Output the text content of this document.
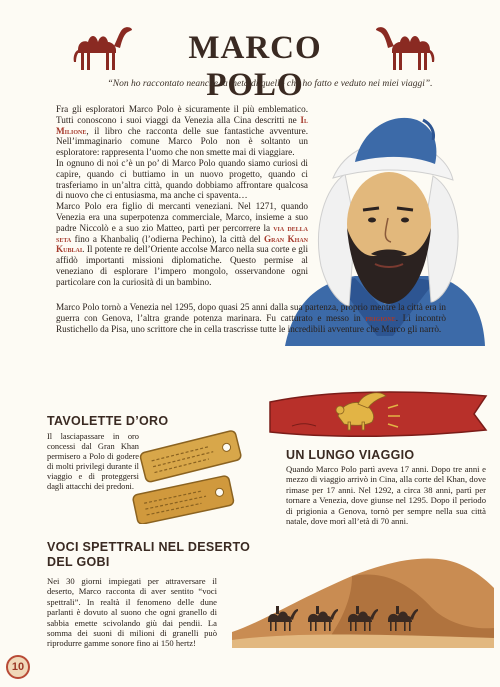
MARCO POLO
“Non ho raccontato neanche la metà di quello che ho fatto e veduto nei miei viaggi”.

Fra gli esploratori Marco Polo è sicuramente il più emblematico. Tutti conoscono i suoi viaggi da Venezia alla Cina descritti ne Il Milione, il libro che racconta delle sue fantastiche avventure. Nell’immaginario comune Marco Polo non è soltanto un esploratore: rappresenta l’uomo che non smette mai di viaggiare.

In ognuno di noi c’è un po’ di Marco Polo quando siamo curiosi di capire, quando ci buttiamo in un nuovo progetto, quando ci trasferiamo in un’altra città, quando dobbiamo affrontare qualcosa di nuovo che ci entusiasma, ma anche ci spaventa…

Marco Polo era figlio di mercanti veneziani. Nel 1271, quando Venezia era una superpotenza commerciale, Marco, insieme a suo padre Niccolò e a suo zio Matteo, partì per percorrere la via della seta fino a Khanbaliq (l’odierna Pechino), la città del Gran Khan Kublai. Il potente re dell’Oriente accolse Marco nella sua corte e gli affidò importanti missioni diplomatiche. Questo permise al veneziano di esplorare l’impero mongolo, osservandone ogni particolare con la curiosità di un bambino.

Marco Polo tornò a Venezia nel 1295, dopo quasi 25 anni dalla sua partenza, proprio mentre la città era in guerra con Genova, l’altra grande potenza marinara. Fu catturato e messo in prigione. Lì incontrò Rustichello da Pisa, uno scrittore che in cella trascrisse tutte le incredibili avventure che Marco gli narrò.

TAVOLETTE D’ORO
Il lasciapassare in oro concessi dal Gran Khan permisero a Polo di godere di molti privilegi durante il viaggio e di proteggersi dagli attacchi dei predoni.
UN LUNGO VIAGGIO
Quando Marco Polo partì aveva 17 anni. Dopo tre anni e mezzo di viaggio arrivò in Cina, alla corte del Khan, dove rimase per 17 anni. Nel 1292, a circa 38 anni, partì per tornare a Venezia, dove giunse nel 1295. Dopo il periodo di prigionia a Genova, tornò per sempre nella sua città natale, dove morì all’età di 70 anni.
VOCI SPETTRALI NEL DESERTO DEL GOBI
Nei 30 giorni impiegati per attraversare il deserto, Marco racconta di aver sentito “voci spettrali”. In realtà il fenomeno delle dune parlanti è dovuto al suono che ogni granello di sabbia emette scivolando giù dai pendii. La somma dei suoni di milioni di granelli può riprodurre gamme sonore fino ai 150 hertz!
10
